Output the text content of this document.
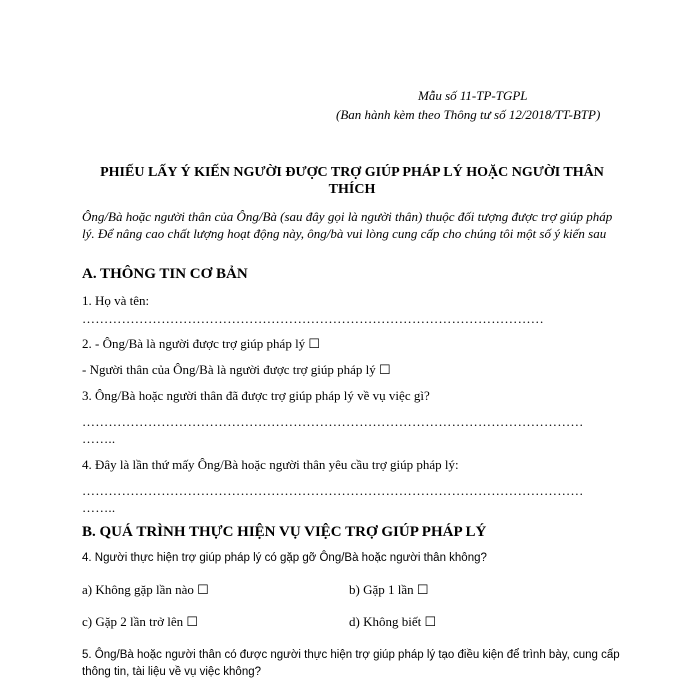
Mẫu số 11-TP-TGPL
(Ban hành kèm theo Thông tư số 12/2018/TT-BTP)
PHIẾU LẤY Ý KIẾN NGƯỜI ĐƯỢC TRỢ GIÚP PHÁP LÝ HOẶC NGƯỜI THÂN THÍCH
Ông/Bà hoặc người thân của Ông/Bà (sau đây gọi là người thân) thuộc đối tượng được trợ giúp pháp lý. Để nâng cao chất lượng hoạt động này, ông/bà vui lòng cung cấp cho chúng tôi một số ý kiến sau
A. THÔNG TIN CƠ BẢN
1. Họ và tên:
……………………………………………………………………………………………
2. - Ông/Bà là người được trợ giúp pháp lý ☐
- Người thân của Ông/Bà là người được trợ giúp pháp lý ☐
3. Ông/Bà hoặc người thân đã được trợ giúp pháp lý về vụ việc gì?
……………………………………………………………………………………………………
……..
4. Đây là lần thứ mấy Ông/Bà hoặc người thân yêu cầu trợ giúp pháp lý:
……………………………………………………………………………………………………
……..
B. QUÁ TRÌNH THỰC HIỆN VỤ VIỆC TRỢ GIÚP PHÁP LÝ
4. Người thực hiện trợ giúp pháp lý có gặp gỡ Ông/Bà hoặc người thân không?
a) Không gặp lần nào ☐	b) Gặp 1 lần ☐
c) Gặp 2 lần trở lên ☐	d) Không biết ☐
5. Ông/Bà hoặc người thân có được người thực hiện trợ giúp pháp lý tạo điều kiện để trình bày, cung cấp thông tin, tài liệu về vụ việc không?
